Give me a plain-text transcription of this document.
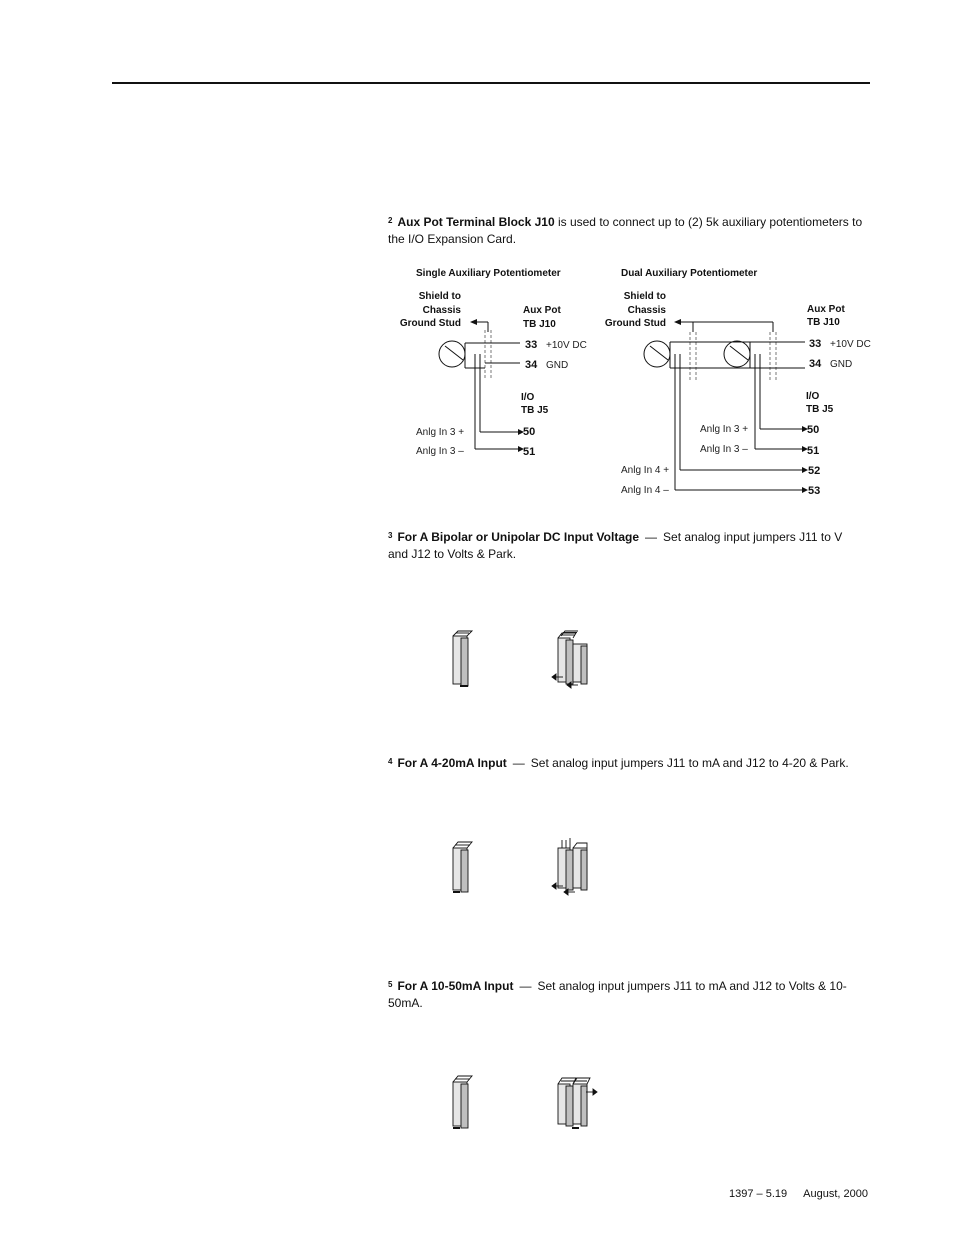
$^2$ Aux Pot Terminal Block J10 is used to connect up to (2) 5k auxiliary potentiometers to the I/O Expansion Card.
Single Auxiliary Potentiometer
Shield to
Chassis
Ground Stud
Aux Pot
TB J10
33 +10V DC
34 GND
I/O
TB J5
Anlg In 3 +	50
Anlg In 3 –	51
Dual Auxiliary Potentiometer
Shield to
Chassis
Ground Stud
Aux Pot
TB J10
33 +10V DC
34 GND
I/O
TB J5
Anlg In 3 +	50
Anlg In 3 –	51
Anlg In 4 +	52
Anlg In 4 –	53
$^3$ For A Bipolar or Unipolar DC Input Voltage — Set analog input jumpers J11 to V and J12 to Volts & Park.
$^4$ For A 4-20mA Input — Set analog input jumpers J11 to mA and J12 to 4-20 & Park.
$^5$ For A 10-50mA Input — Set analog input jumpers J11 to mA and J12 to Volts & 10-50mA.
1397 – 5.19 August, 2000
